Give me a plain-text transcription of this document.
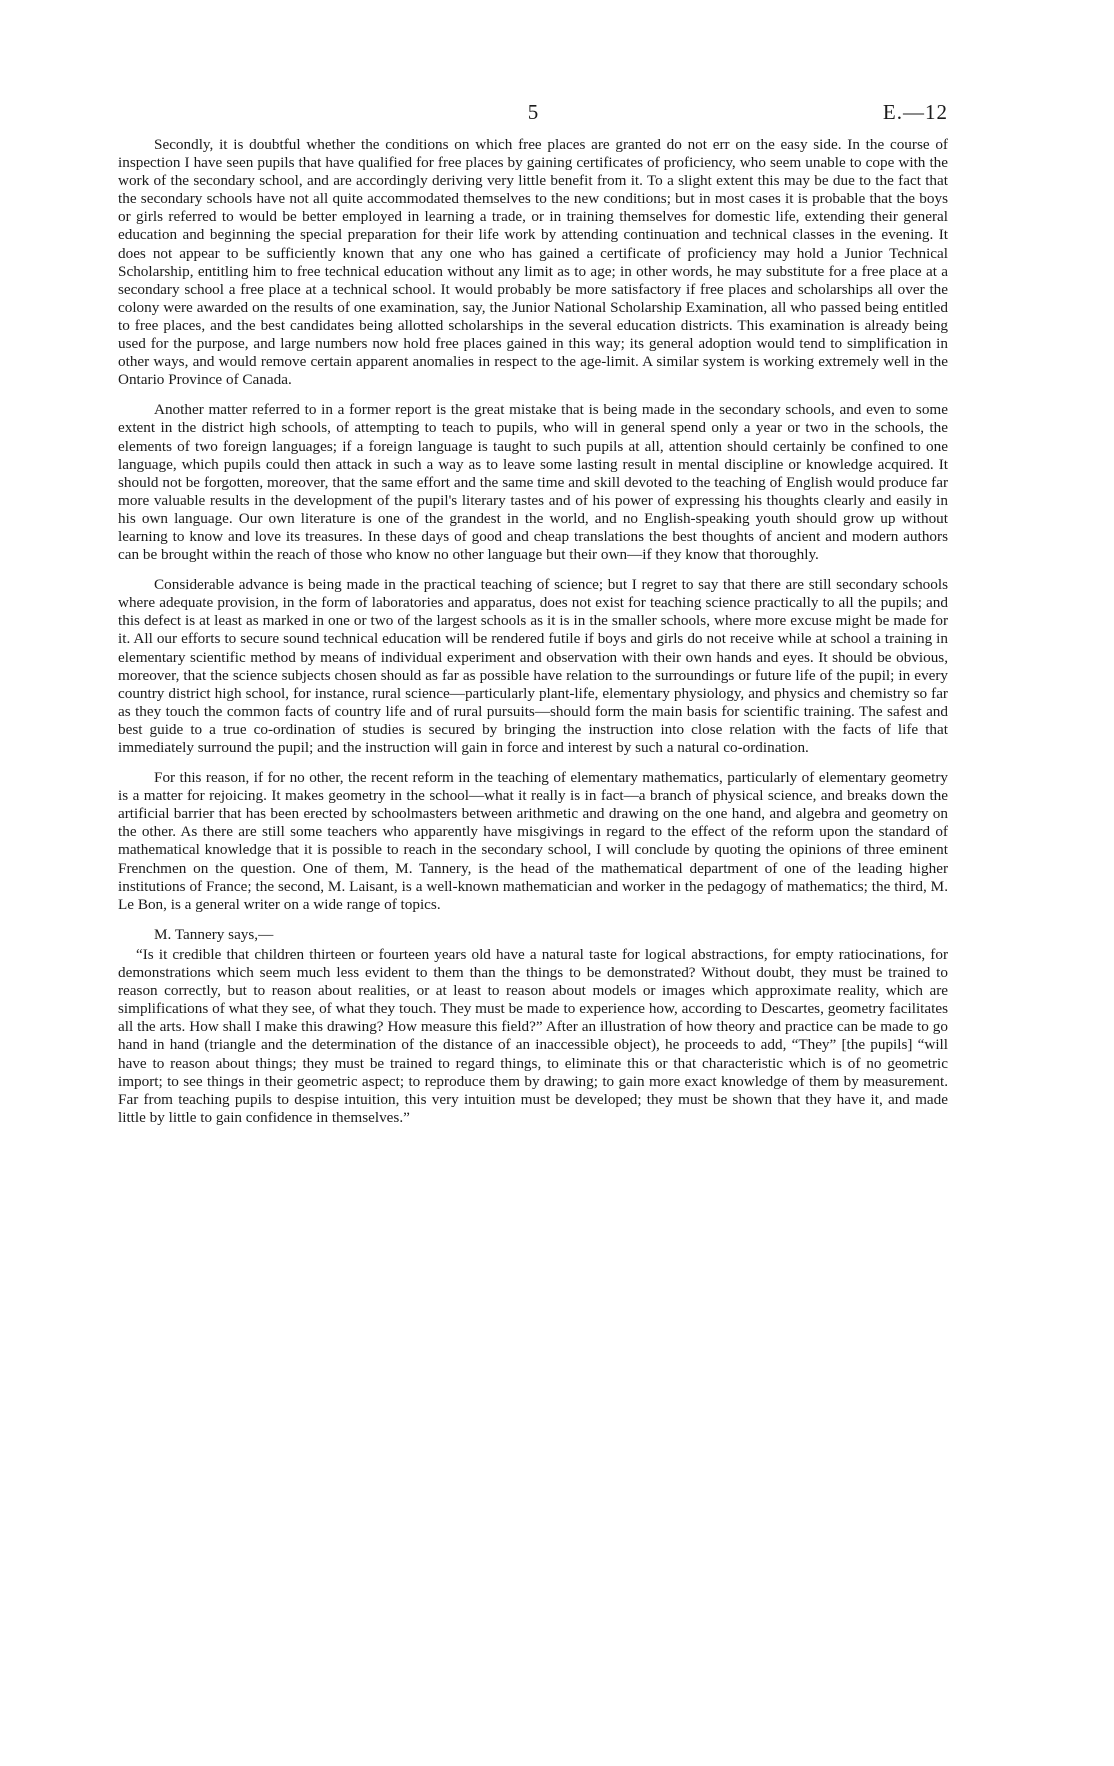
5	E.—12

Secondly, it is doubtful whether the conditions on which free places are granted do not err on the easy side. In the course of inspection I have seen pupils that have qualified for free places by gaining certificates of proficiency, who seem unable to cope with the work of the secondary school, and are accordingly deriving very little benefit from it. To a slight extent this may be due to the fact that the secondary schools have not all quite accommodated themselves to the new conditions; but in most cases it is probable that the boys or girls referred to would be better employed in learning a trade, or in training themselves for domestic life, extending their general education and beginning the special preparation for their life work by attending continuation and technical classes in the evening. It does not appear to be sufficiently known that any one who has gained a certificate of proficiency may hold a Junior Technical Scholarship, entitling him to free technical education without any limit as to age; in other words, he may substitute for a free place at a secondary school a free place at a technical school. It would probably be more satisfactory if free places and scholarships all over the colony were awarded on the results of one examination, say, the Junior National Scholarship Examination, all who passed being entitled to free places, and the best candidates being allotted scholarships in the several education districts. This examination is already being used for the purpose, and large numbers now hold free places gained in this way; its general adoption would tend to simplification in other ways, and would remove certain apparent anomalies in respect to the age-limit. A similar system is working extremely well in the Ontario Province of Canada.

Another matter referred to in a former report is the great mistake that is being made in the secondary schools, and even to some extent in the district high schools, of attempting to teach to pupils, who will in general spend only a year or two in the schools, the elements of two foreign languages; if a foreign language is taught to such pupils at all, attention should certainly be confined to one language, which pupils could then attack in such a way as to leave some lasting result in mental discipline or knowledge acquired. It should not be forgotten, moreover, that the same effort and the same time and skill devoted to the teaching of English would produce far more valuable results in the development of the pupil's literary tastes and of his power of expressing his thoughts clearly and easily in his own language. Our own literature is one of the grandest in the world, and no English-speaking youth should grow up without learning to know and love its treasures. In these days of good and cheap translations the best thoughts of ancient and modern authors can be brought within the reach of those who know no other language but their own—if they know that thoroughly.

Considerable advance is being made in the practical teaching of science; but I regret to say that there are still secondary schools where adequate provision, in the form of laboratories and apparatus, does not exist for teaching science practically to all the pupils; and this defect is at least as marked in one or two of the largest schools as it is in the smaller schools, where more excuse might be made for it. All our efforts to secure sound technical education will be rendered futile if boys and girls do not receive while at school a training in elementary scientific method by means of individual experiment and observation with their own hands and eyes. It should be obvious, moreover, that the science subjects chosen should as far as possible have relation to the surroundings or future life of the pupil; in every country district high school, for instance, rural science—particularly plant-life, elementary physiology, and physics and chemistry so far as they touch the common facts of country life and of rural pursuits—should form the main basis for scientific training. The safest and best guide to a true co-ordination of studies is secured by bringing the instruction into close relation with the facts of life that immediately surround the pupil; and the instruction will gain in force and interest by such a natural co-ordination.

For this reason, if for no other, the recent reform in the teaching of elementary mathematics, particularly of elementary geometry is a matter for rejoicing. It makes geometry in the school—what it really is in fact—a branch of physical science, and breaks down the artificial barrier that has been erected by schoolmasters between arithmetic and drawing on the one hand, and algebra and geometry on the other. As there are still some teachers who apparently have misgivings in regard to the effect of the reform upon the standard of mathematical knowledge that it is possible to reach in the secondary school, I will conclude by quoting the opinions of three eminent Frenchmen on the question. One of them, M. Tannery, is the head of the mathematical department of one of the leading higher institutions of France; the second, M. Laisant, is a well-known mathematician and worker in the pedagogy of mathematics; the third, M. Le Bon, is a general writer on a wide range of topics.

M. Tannery says,—

“Is it credible that children thirteen or fourteen years old have a natural taste for logical abstractions, for empty ratiocinations, for demonstrations which seem much less evident to them than the things to be demonstrated? Without doubt, they must be trained to reason correctly, but to reason about realities, or at least to reason about models or images which approximate reality, which are simplifications of what they see, of what they touch. They must be made to experience how, according to Descartes, geometry facilitates all the arts. How shall I make this drawing? How measure this field?” After an illustration of how theory and practice can be made to go hand in hand (triangle and the determination of the distance of an inaccessible object), he proceeds to add, “They” [the pupils] “will have to reason about things; they must be trained to regard things, to eliminate this or that characteristic which is of no geometric import; to see things in their geometric aspect; to reproduce them by drawing; to gain more exact knowledge of them by measurement. Far from teaching pupils to despise intuition, this very intuition must be developed; they must be shown that they have it, and made little by little to gain confidence in themselves.”
